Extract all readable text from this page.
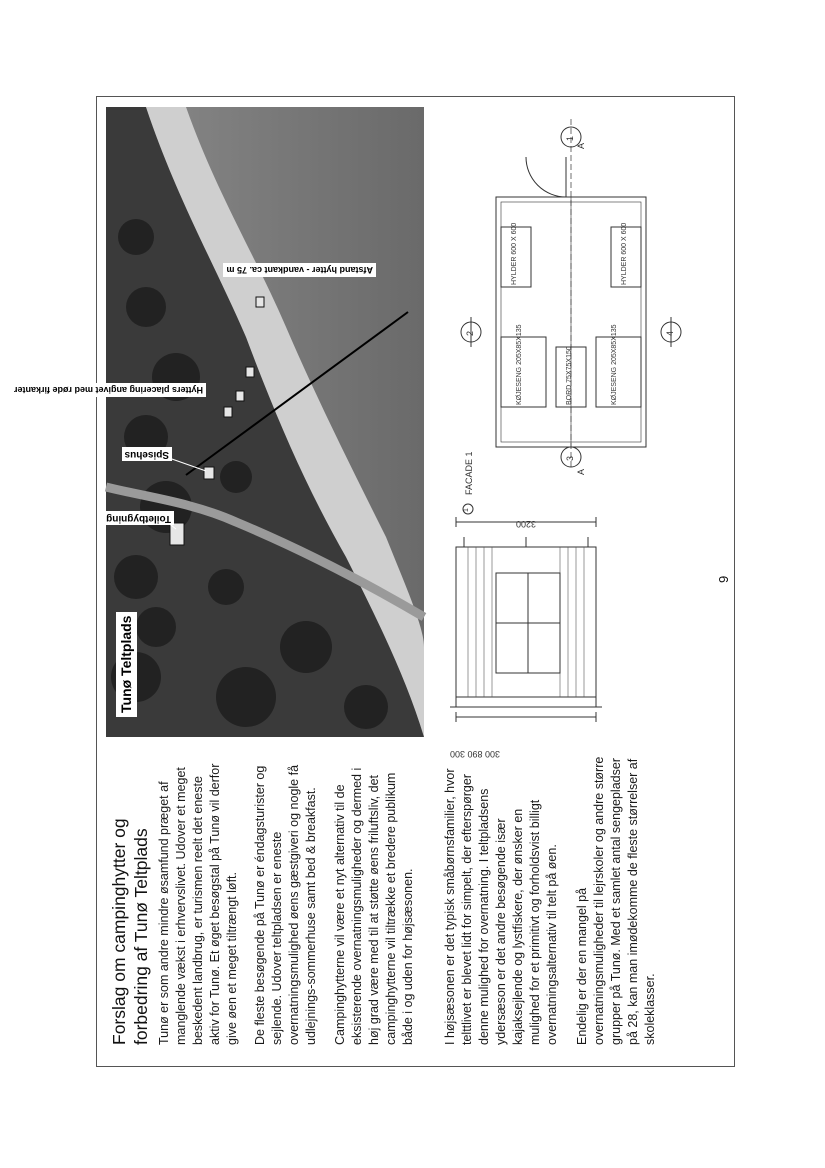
Forslag om campinghytter og forbedring af Tunø Teltplads Tunø er som andre mindre øsamfund præget af manglende vækst i erhvervslivet. Udover et meget beskedent landbrug, er turismen reelt det eneste aktiv for Tunø. Et øget besøgstal på Tunø vil derfor give øen et meget tiltrængt løft. De fleste besøgende på Tunø er éndagsturister og sejlende. Udover teltpladsen er eneste overnatningsmulighed øens gæstgiveri og nogle få udlejnings-sommerhuse samt bed & breakfast. Campinghytterne vil være et nyt alternativ til de eksisterende overnatningsmuligheder og dermed i høj grad være med til at støtte øens friluftsliv, det campinghytterne vil tiltrække et bredere publikum både i og uden for højsæsonen. I højsæsonen er det typisk småbørnsfamilier, hvor telttlivet er blevet lidt for simpelt, der efterspørger denne mulighed for overnatning. I teltpladsens ydersæson er det andre besøgende især kajaksejlende og lystfiskere, der ønsker en mulighed for et primitivt og forholdsvist billigt overnatningsalternativ til telt på øen. Endelig er der en mangel på overnatningsmuligheder til lejrskoler og andre større grupper på Tunø. Med et samlet antal sengepladser på 28, kan man imødekomme de fleste størrelser af skoleklasser.
Tunø Teltplads
Toiletbygning
Spisehus
Hytters placering angivet med røde firkanter
Afstand hytter - vandkant ca. 75 m
300 890 300
3200
FACADE 1
1
3
1
2	4
A
A
KØJESENG 205X85X135	KØJESENG 205X85X135
BORD 75X75X150
HYLDER 600 X 600	HYLDER 600 X 600
9
